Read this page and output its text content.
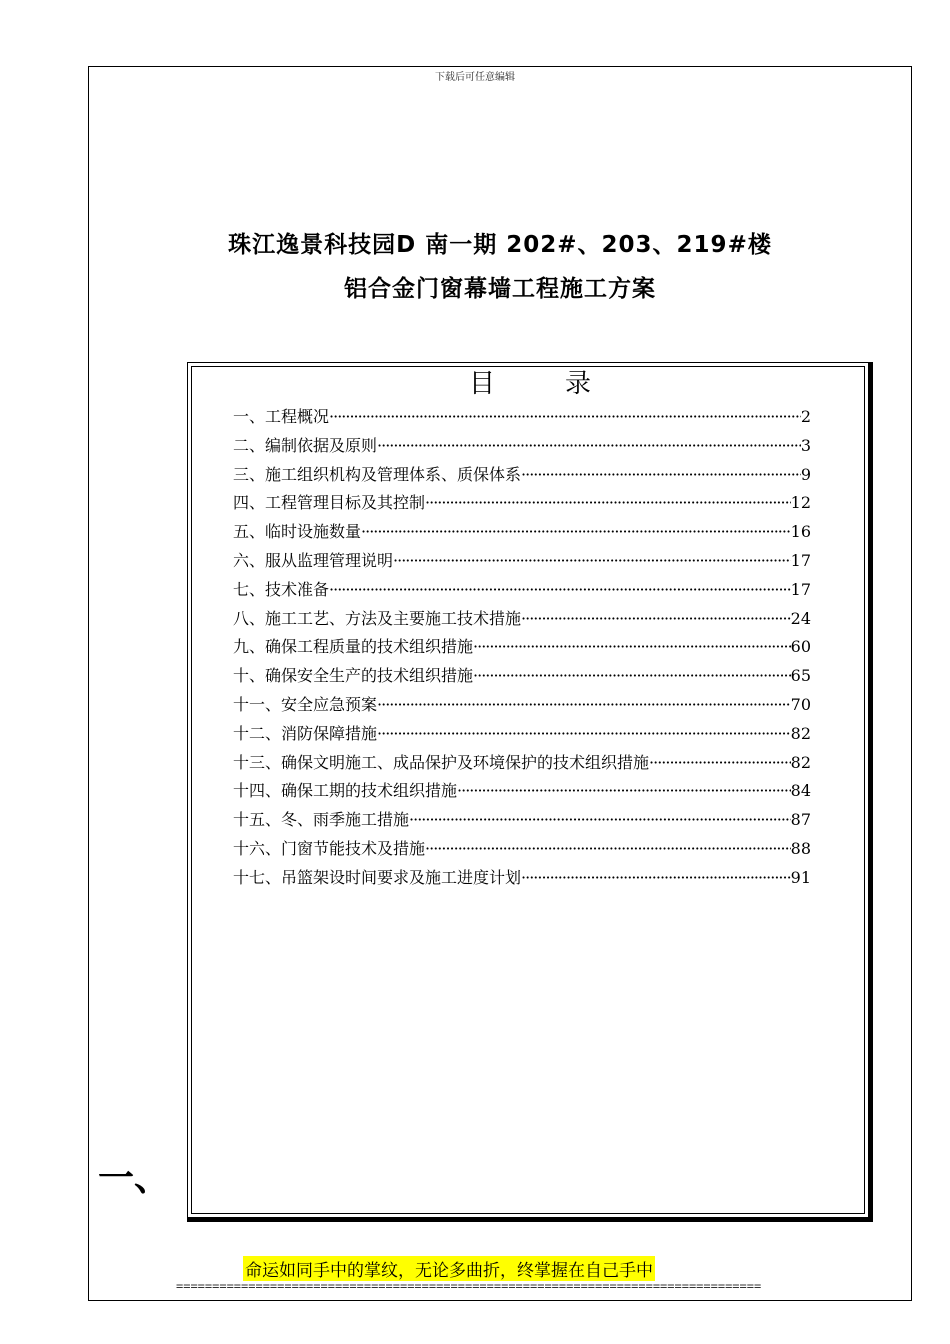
下载后可任意编辑
珠江逸景科技园D 南一期 202#、203、219#楼
铝合金门窗幕墙工程施工方案
目录
一、工程概况 ·····	2
二、编制依据及原则 ·····	3
三、施工组织机构及管理体系、质保体系 ·····	9
四、工程管理目标及其控制 ·····	12
五、临时设施数量 ·····	16
六、服从监理管理说明 ·····	17
七、技术准备 ·····	17
八、施工工艺、方法及主要施工技术措施 ·····	24
九、确保工程质量的技术组织措施 ·····	60
十、确保安全生产的技术组织措施 ·····	65
十一、安全应急预案 ·····	70
十二、消防保障措施 ·····	82
十三、确保文明施工、成品保护及环境保护的技术组织措施 ·····	82
十四、确保工期的技术组织措施 ·····	84
十五、冬、雨季施工措施 ·····	87
十六、门窗节能技术及措施 ·····	88
十七、吊篮架设时间要求及施工进度计划 ·····	91
一、
命运如同手中的掌纹，无论多曲折，终掌握在自己手中
=================================================================================
